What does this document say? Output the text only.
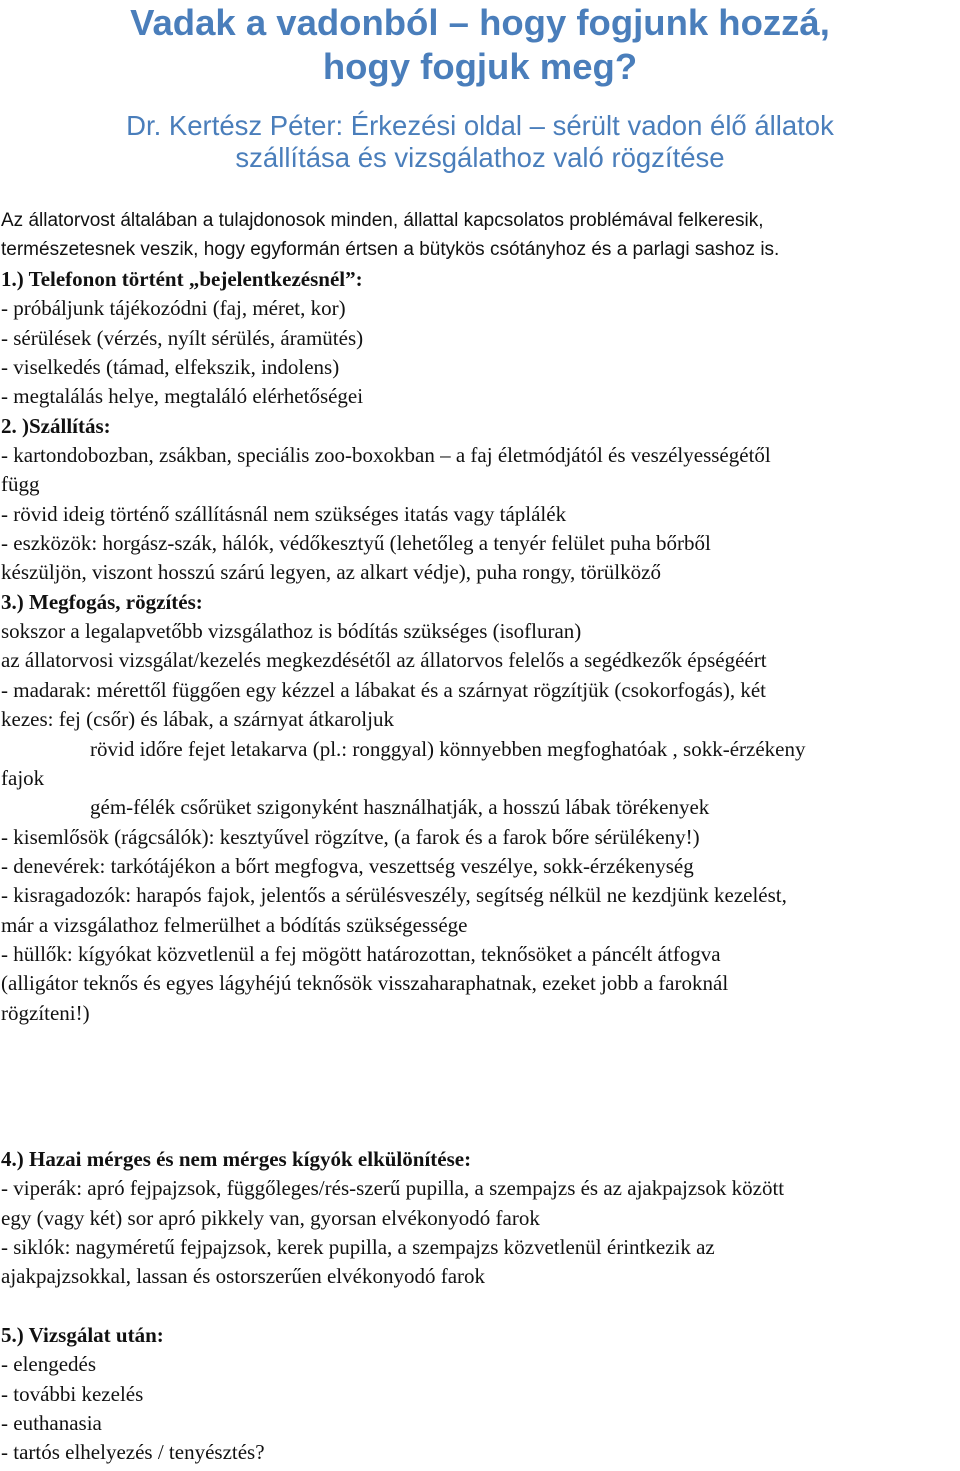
Vadak a vadonból – hogy fogjunk hozzá,
hogy fogjuk meg?
Dr. Kertész Péter: Érkezési oldal – sérült vadon élő állatok
szállítása és vizsgálathoz való rögzítése
Az állatorvost általában a tulajdonosok minden, állattal kapcsolatos problémával felkeresik,
természetesnek veszik, hogy egyformán értsen a bütykös csótányhoz és a parlagi sashoz is.
1.) Telefonon történt „bejelentkezésnél”:
- próbáljunk tájékozódni (faj, méret, kor)
- sérülések (vérzés, nyílt sérülés, áramütés)
- viselkedés (támad, elfekszik, indolens)
- megtalálás helye, megtaláló elérhetőségei
2. )Szállítás:
- kartondobozban, zsákban, speciális zoo-boxokban – a faj életmódjától és veszélyességétől
függ
- rövid ideig történő szállításnál nem szükséges itatás vagy táplálék
- eszközök: horgász-szák, hálók, védőkesztyű (lehetőleg a tenyér felület puha bőrből
készüljön, viszont hosszú szárú legyen, az alkart védje), puha rongy, törülköző
3.) Megfogás, rögzítés:
sokszor a legalapvetőbb vizsgálathoz is bódítás szükséges (isofluran)
az állatorvosi vizsgálat/kezelés megkezdésétől az állatorvos felelős a segédkezők épségéért
- madarak: mérettől függően egy kézzel a lábakat és a szárnyat rögzítjük (csokorfogás), két
kezes: fej (csőr) és lábak, a szárnyat átkaroljuk
rövid időre fejet letakarva (pl.: ronggyal) könnyebben megfoghatóak , sokk-érzékeny
fajok
gém-félék csőrüket szigonyként használhatják, a hosszú lábak törékenyek
- kisemlősök (rágcsálók): kesztyűvel rögzítve, (a farok és a farok bőre sérülékeny!)
- denevérek: tarkótájékon a bőrt megfogva, veszettség veszélye, sokk-érzékenység
- kisragadozók: harapós fajok, jelentős a sérülésveszély, segítség nélkül ne kezdjünk kezelést,
már a vizsgálathoz felmerülhet a bódítás szükségessége
- hüllők: kígyókat közvetlenül a fej mögött határozottan, teknősöket a páncélt átfogva
(alligátor teknős és egyes lágyhéjú teknősök visszaharaphatnak, ezeket jobb a faroknál
rögzíteni!)
4.) Hazai mérges és nem mérges kígyók elkülönítése:
- viperák: apró fejpajzsok, függőleges/rés-szerű pupilla, a szempajzs és az ajakpajzsok között
egy (vagy két) sor apró pikkely van, gyorsan elvékonyodó farok
- siklók: nagyméretű fejpajzsok, kerek pupilla, a szempajzs közvetlenül érintkezik az
ajakpajzsokkal, lassan és ostorszerűen elvékonyodó farok
5.) Vizsgálat után:
- elengedés
- további kezelés
- euthanasia
- tartós elhelyezés / tenyésztés?
